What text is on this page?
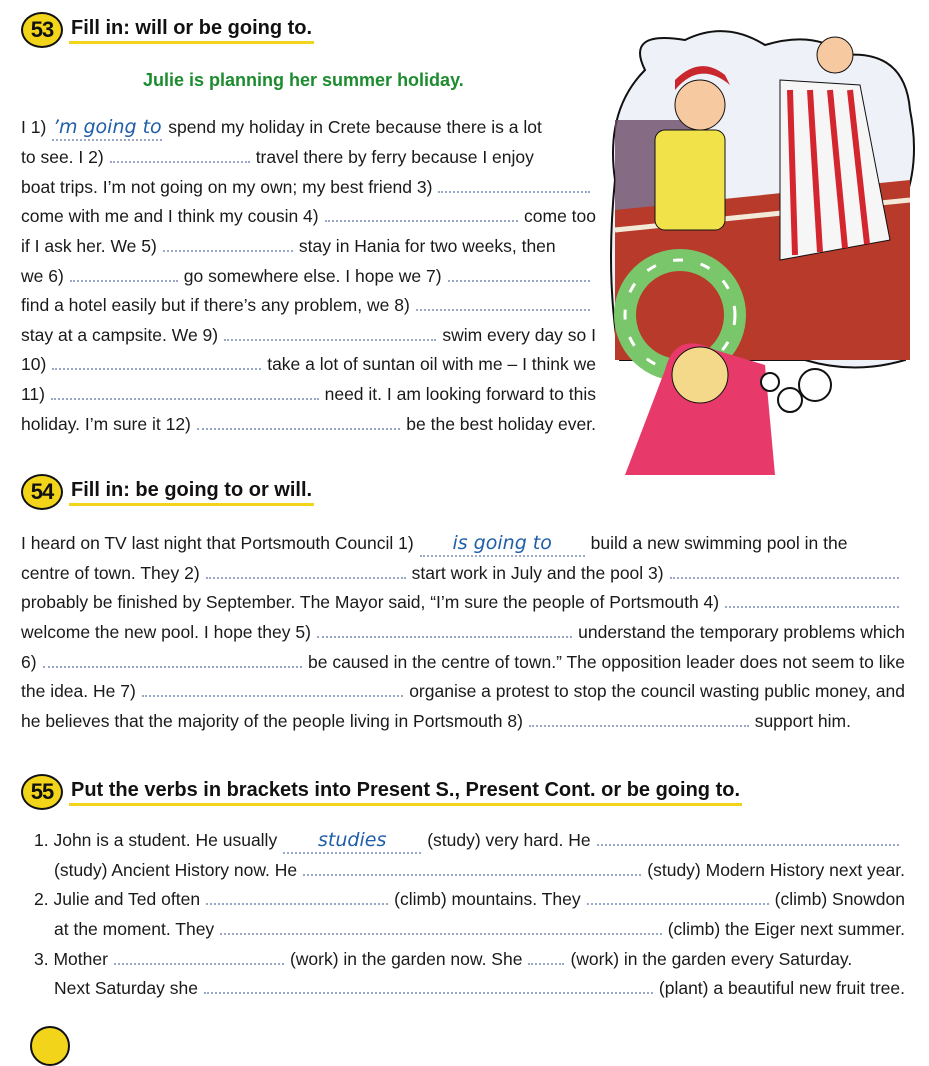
53 Fill in: will or be going to.
Julie is planning her summer holiday.
I 1) ’m going to spend my holiday in Crete because there is a lot
to see. I 2)	travel there by ferry because I enjoy
boat trips. I’m not going on my own; my best friend 3)
come with me and I think my cousin 4)	come too
if I ask her. We 5)	stay in Hania for two weeks, then
we 6)	go somewhere else. I hope we 7)
find a hotel easily but if there’s any problem, we 8)
stay at a campsite. We 9)	swim every day so I
10)	take a lot of suntan oil with me – I think we
11)	need it. I am looking forward to this
holiday. I’m sure it 12)	be the best holiday ever.
54 Fill in: be going to or will.
I heard on TV last night that Portsmouth Council 1)	is going to	build a new swimming pool in the
centre of town. They 2)	start work in July and the pool 3)
probably be finished by September. The Mayor said, “I’m sure the people of Portsmouth 4)
welcome the new pool. I hope they 5)	understand the temporary problems which
6)	be caused in the centre of town.” The opposition leader does not seem to like
the idea. He 7)	organise a protest to stop the council wasting public money, and
he believes that the majority of the people living in Portsmouth 8)	support him.
55 Put the verbs in brackets into Present S., Present Cont. or be going to.
1. John is a student. He usually	studies	(study) very hard. He
(study) Ancient History now. He	(study) Modern History next year.
2. Julie and Ted often	(climb) mountains. They	(climb) Snowdon
at the moment. They	(climb) the Eiger next summer.
3. Mother	(work) in the garden now. She	(work) in the garden every Saturday.
Next Saturday she	(plant) a beautiful new fruit tree.
